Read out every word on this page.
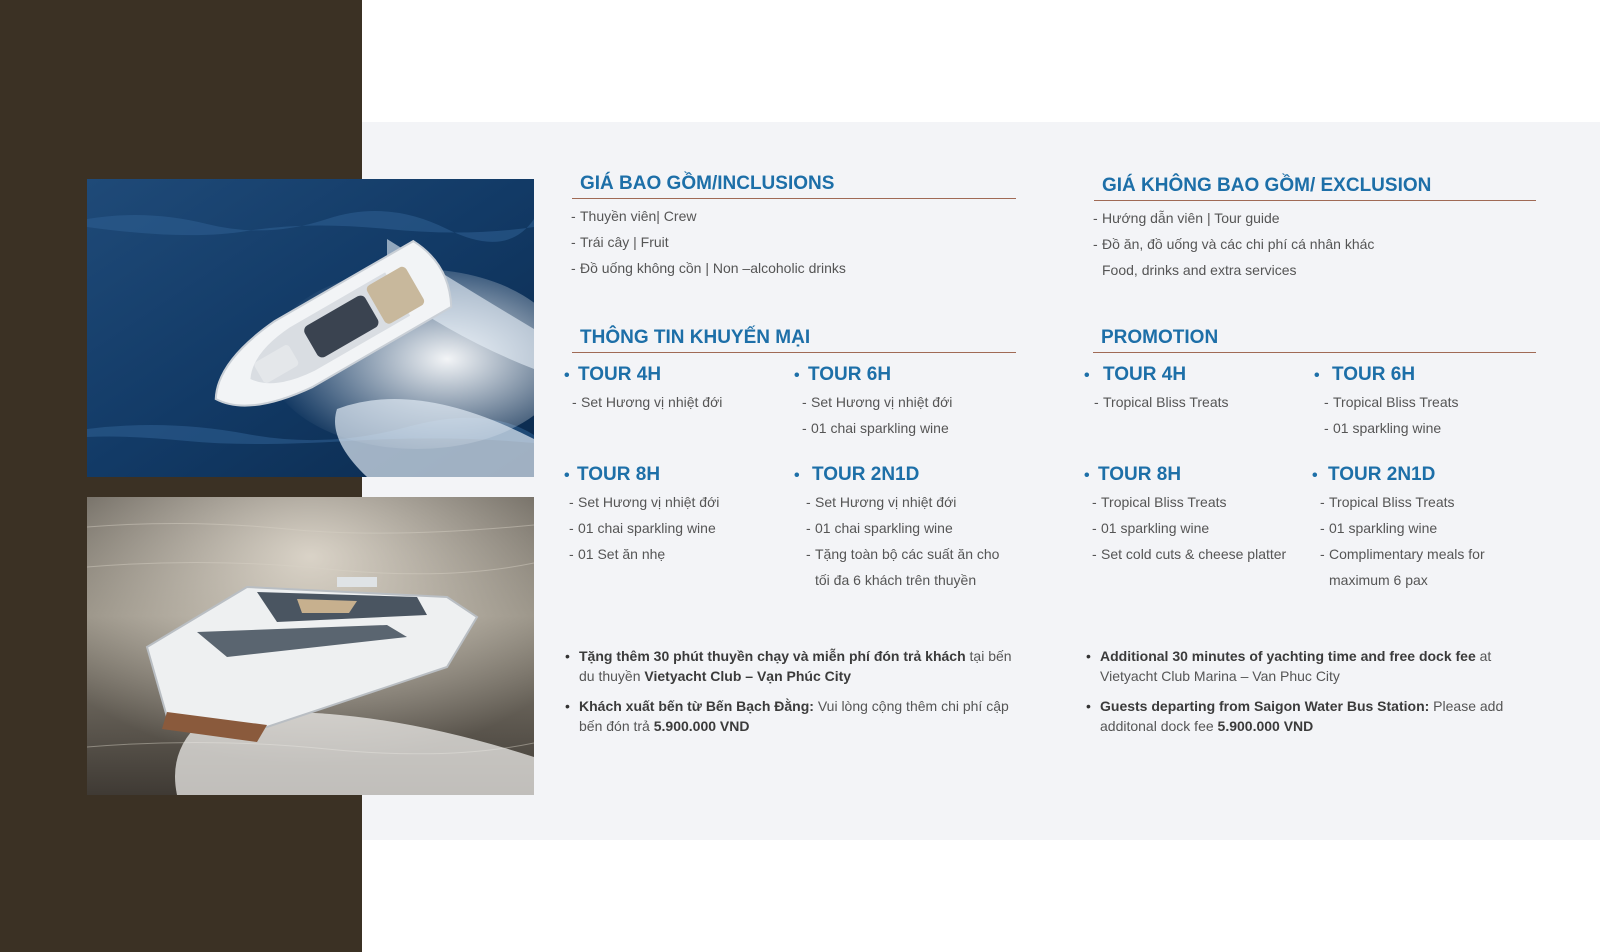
GIÁ BAO GỒM/INCLUSIONS
- Thuyền viên| Crew
- Trái cây | Fruit
- Đồ uống không cồn | Non –alcoholic drinks
GIÁ KHÔNG BAO GỒM/ EXCLUSION
- Hướng dẫn viên | Tour guide
- Đồ ăn, đồ uống và các chi phí cá nhân khác
Food, drinks and extra services
THÔNG TIN KHUYẾN MẠI	PROMOTION
• TOUR 4H
- Set Hương vị nhiệt đới
• TOUR 6H
- Set Hương vị nhiệt đới
- 01 chai sparkling wine
• TOUR 8H
- Set Hương vị nhiệt đới
- 01 chai sparkling wine
- 01 Set ăn nhẹ
• TOUR 2N1D
- Set Hương vị nhiệt đới
- 01 chai sparkling wine
- Tặng toàn bộ các suất ăn cho
tối đa 6 khách trên thuyền
• TOUR 4H
- Tropical Bliss Treats
• TOUR 6H
- Tropical Bliss Treats
- 01 sparkling wine
• TOUR 8H
- Tropical Bliss Treats
- 01 sparkling wine
- Set cold cuts & cheese platter
• TOUR 2N1D
- Tropical Bliss Treats
- 01 sparkling wine
- Complimentary meals for
maximum 6 pax
• Tặng thêm 30 phút thuyền chạy và miễn phí đón trả khách tại bến du thuyền Vietyacht Club – Vạn Phúc City
• Khách xuất bến từ Bến Bạch Đằng: Vui lòng cộng thêm chi phí cập bến đón trả 5.900.000 VND
• Additional 30 minutes of yachting time and free dock fee at Vietyacht Club Marina – Van Phuc City
• Guests departing from Saigon Water Bus Station: Please add additonal dock fee 5.900.000 VND
